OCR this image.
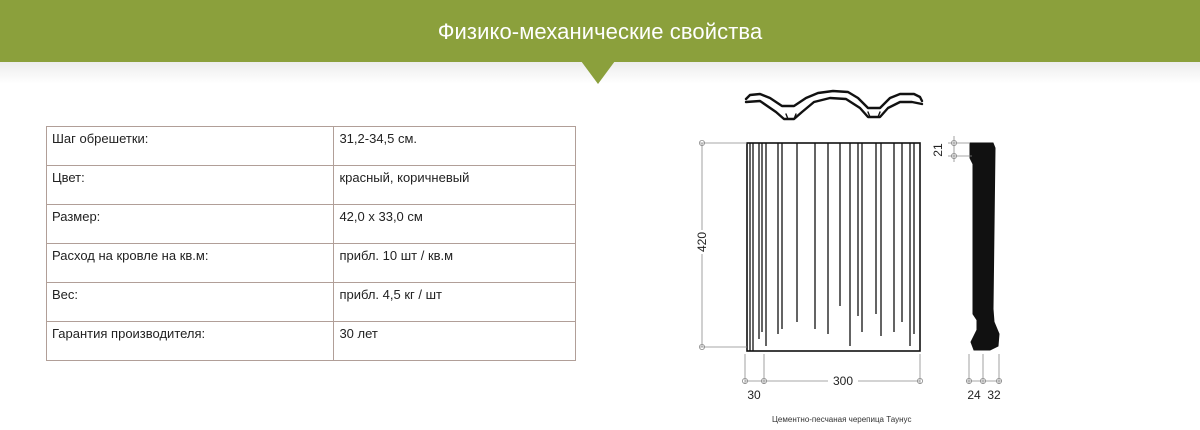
Физико-механические свойства
Шаг обрешетки:	31,2-34,5 см.
Цвет:	красный, коричневый
Размер:	42,0 х 33,0 см
Расход на кровле на кв.м:	прибл. 10 шт / кв.м
Вес:	прибл. 4,5 кг / шт
Гарантия производителя:	30 лет
420
300
30
21
24 32
Цементно-песчаная черепица Таунус
